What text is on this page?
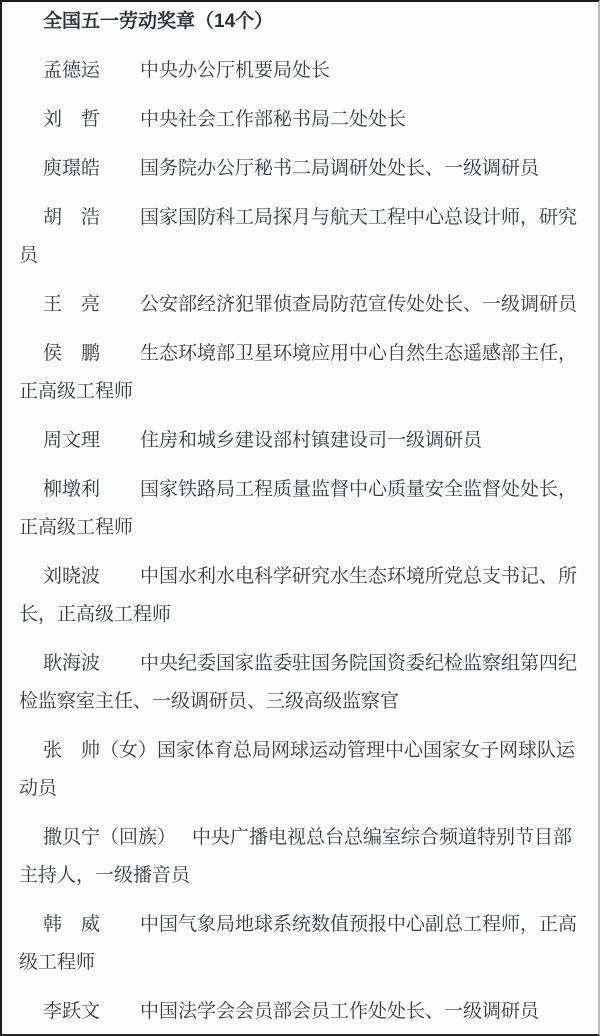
全国五一劳动奖章（14个）

孟德运 中央办公厅机要局处长

刘　哲 中央社会工作部秘书局二处处长

庾璟皓 国务院办公厅秘书二局调研处处长、一级调研员

胡　浩 国家国防科工局探月与航天工程中心总设计师，研究员

王　亮 公安部经济犯罪侦查局防范宣传处处长、一级调研员

侯　鹏 生态环境部卫星环境应用中心自然生态遥感部主任，正高级工程师

周文理 住房和城乡建设部村镇建设司一级调研员

柳墩利 国家铁路局工程质量监督中心质量安全监督处处长，正高级工程师

刘晓波 中国水利水电科学研究水生态环境所党总支书记、所长，正高级工程师

耿海波 中央纪委国家监委驻国务院国资委纪检监察组第四纪检监察室主任、一级调研员、三级高级监察官

张　帅（女）国家体育总局网球运动管理中心国家女子网球队运动员

撒贝宁（回族） 中央广播电视总台总编室综合频道特别节目部主持人，一级播音员

韩　威 中国气象局地球系统数值预报中心副总工程师，正高级工程师

李跃文 中国法学会会员部会员工作处处长、一级调研员
